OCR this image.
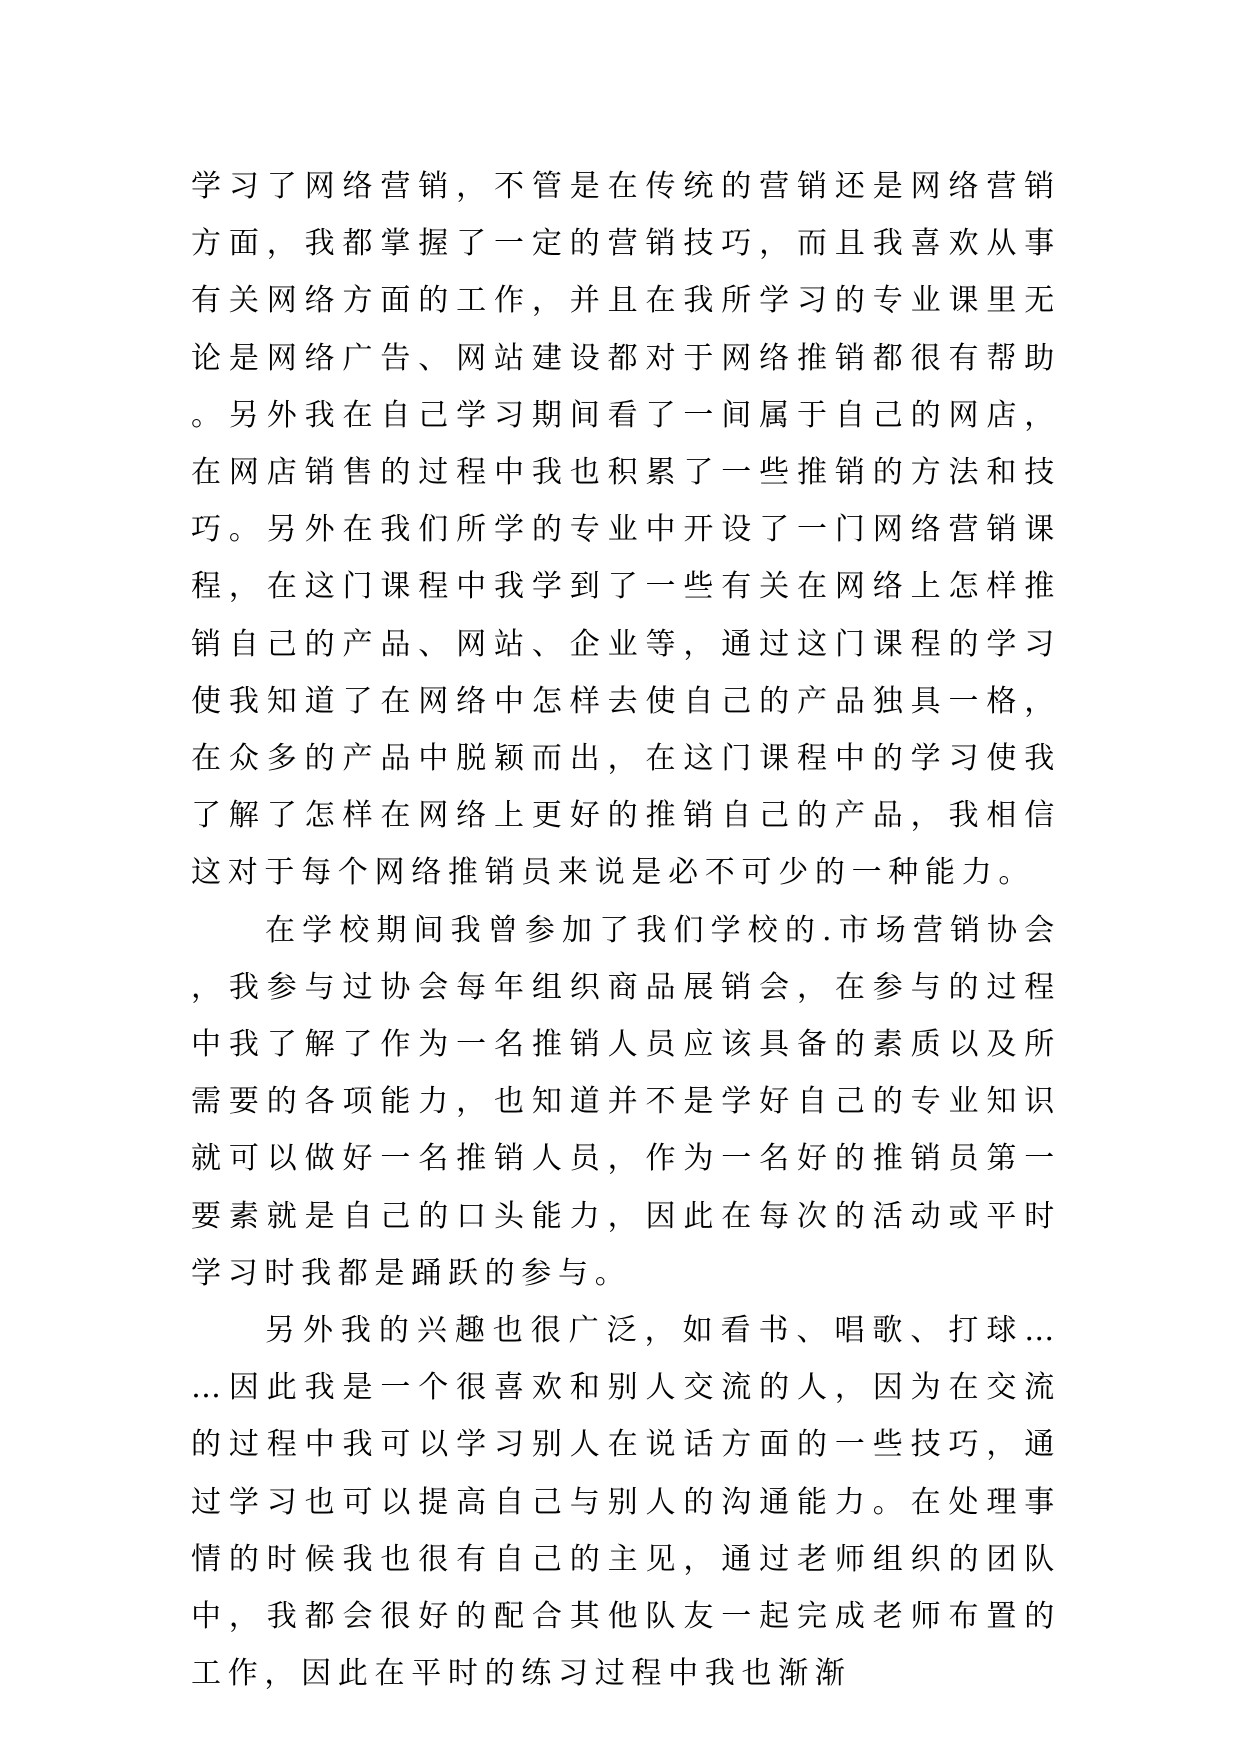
学习了网络营销，不管是在传统的营销还是网络营销方面，我都掌握了一定的营销技巧，而且我喜欢从事有关网络方面的工作，并且在我所学习的专业课里无论是网络广告、网站建设都对于网络推销都很有帮助。另外我在自己学习期间看了一间属于自己的网店，在网店销售的过程中我也积累了一些推销的方法和技巧。另外在我们所学的专业中开设了一门网络营销课程，在这门课程中我学到了一些有关在网络上怎样推销自己的产品、网站、企业等，通过这门课程的学习使我知道了在网络中怎样去使自己的产品独具一格，在众多的产品中脱颖而出，在这门课程中的学习使我了解了怎样在网络上更好的推销自己的产品，我相信这对于每个网络推销员来说是必不可少的一种能力。

在学校期间我曾参加了我们学校的.市场营销协会，我参与过协会每年组织商品展销会，在参与的过程中我了解了作为一名推销人员应该具备的素质以及所需要的各项能力，也知道并不是学好自己的专业知识就可以做好一名推销人员，作为一名好的推销员第一要素就是自己的口头能力，因此在每次的活动或平时学习时我都是踊跃的参与。

另外我的兴趣也很广泛，如看书、唱歌、打球……因此我是一个很喜欢和别人交流的人，因为在交流的过程中我可以学习别人在说话方面的一些技巧，通过学习也可以提高自己与别人的沟通能力。在处理事情的时候我也很有自己的主见，通过老师组织的团队中，我都会很好的配合其他队友一起完成老师布置的工作，因此在平时的练习过程中我也渐渐
